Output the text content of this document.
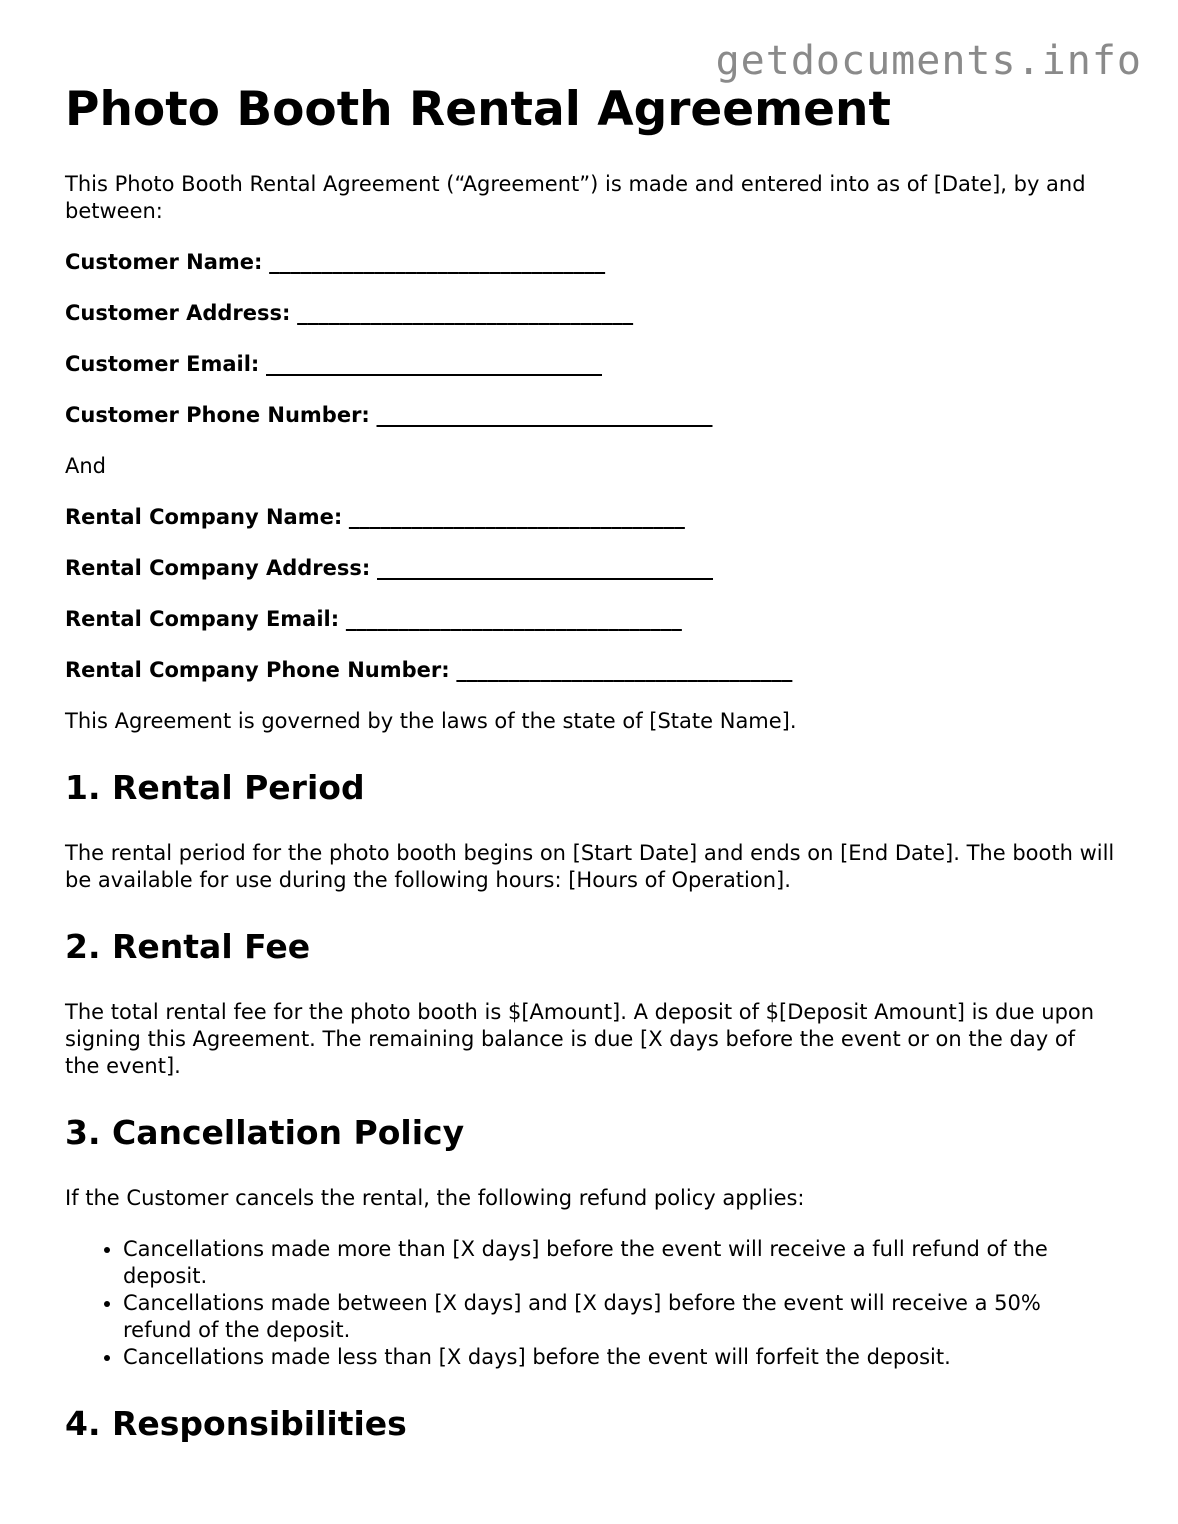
getdocuments.info
Photo Booth Rental Agreement

This Photo Booth Rental Agreement (“Agreement”) is made and entered into as of [Date], by and between:

Customer Name: ________________________________
Customer Address: ________________________________
Customer Email: ________________________________
Customer Phone Number: ________________________________

And

Rental Company Name: ________________________________
Rental Company Address: ________________________________
Rental Company Email: ________________________________
Rental Company Phone Number: ________________________________

This Agreement is governed by the laws of the state of [State Name].

1. Rental Period

The rental period for the photo booth begins on [Start Date] and ends on [End Date]. The booth will be available for use during the following hours: [Hours of Operation].

2. Rental Fee

The total rental fee for the photo booth is $[Amount]. A deposit of $[Deposit Amount] is due upon signing this Agreement. The remaining balance is due [X days before the event or on the day of the event].

3. Cancellation Policy

If the Customer cancels the rental, the following refund policy applies:

• Cancellations made more than [X days] before the event will receive a full refund of the deposit.
• Cancellations made between [X days] and [X days] before the event will receive a 50% refund of the deposit.
• Cancellations made less than [X days] before the event will forfeit the deposit.
4. Responsibilities
